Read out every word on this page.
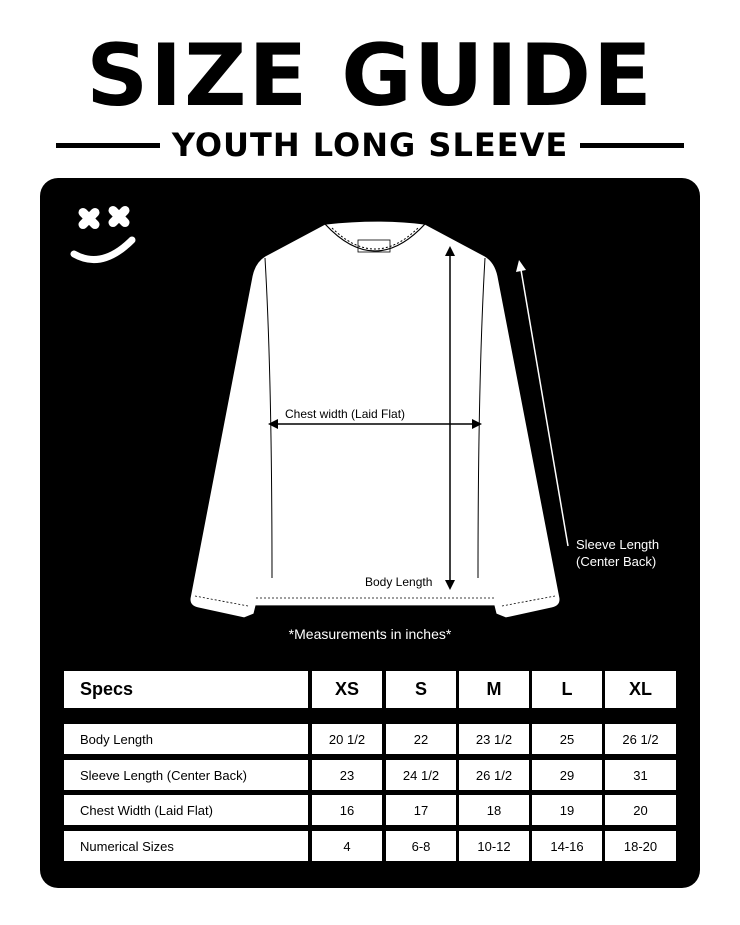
SIZE GUIDE
YOUTH LONG SLEEVE
Chest width (Laid Flat)
Body Length
Sleeve Length
(Center Back)
*Measurements in inches*
Specs	XS	S	M	L	XL
Body Length	20 1/2	22	23 1/2	25	26 1/2
Sleeve Length (Center Back)	23	24 1/2	26 1/2	29	31
Chest Width (Laid Flat)	16	17	18	19	20
Numerical Sizes	4	6-8	10-12	14-16	18-20
